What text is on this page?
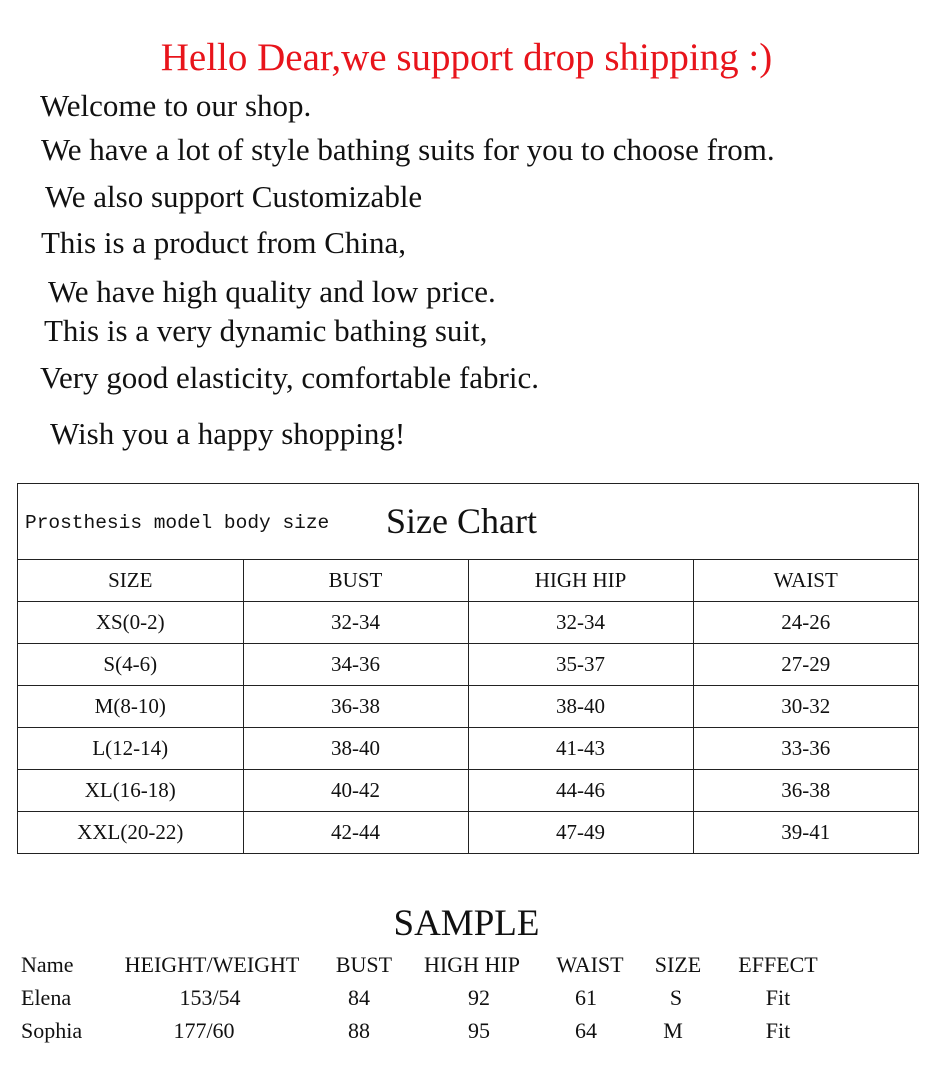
Hello Dear,we support drop shipping :)

Welcome to our shop.

We have a lot of style bathing suits for you to choose from.

We also support Customizable

This is a product from China,

We have high quality and low price.

This is a very dynamic bathing suit,

Very good elasticity, comfortable fabric.

Wish you a happy shopping!

Prosthesis model body size Size Chart
SIZE	BUST	HIGH HIP	WAIST
XS(0-2)	32-34	32-34	24-26
S(4-6)	34-36	35-37	27-29
M(8-10)	36-38	38-40	30-32
L(12-14)	38-40	41-43	33-36
XL(16-18)	40-42	44-46	36-38
XXL(20-22)	42-44	47-49	39-41
SAMPLE
Name HEIGHT/WEIGHT BUST HIGH HIP WAIST SIZE EFFECT
Elena	153/54	84	92	61	S	Fit
Sophia	177/60	88	95	64	M	Fit
